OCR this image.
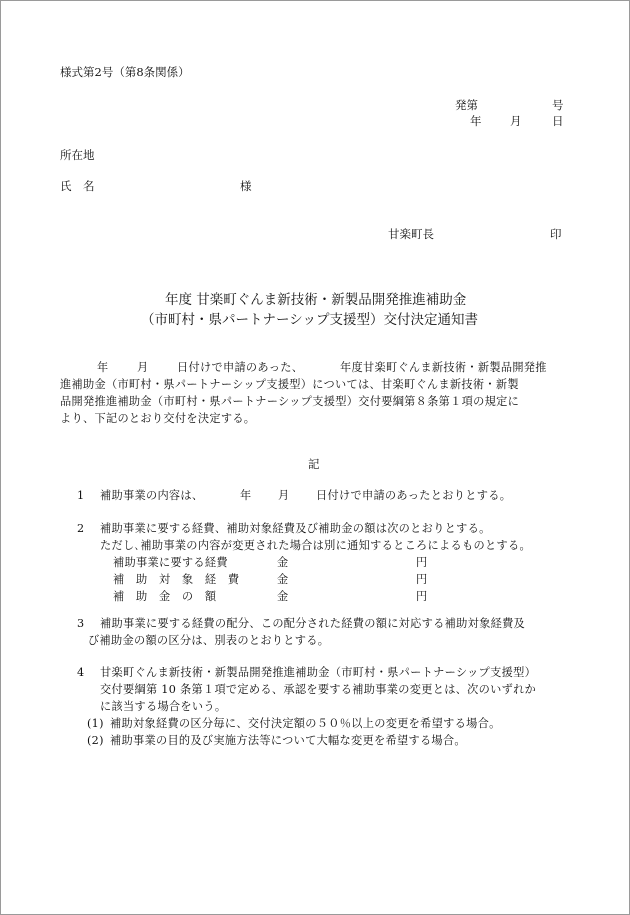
様式第2号（第8条関係）
発第	号
年 月	日
所在地
氏　名	様
甘楽町長	印
年度 甘楽町ぐんま新技術・新製品開発推進補助金
（市町村・県パートナーシップ支援型）交付決定通知書
年	月	日付けで申請のあった、	年度甘楽町ぐんま新技術・新製品開発推
進補助金（市町村・県パートナーシップ支援型）については、甘楽町ぐんま新技術・新製
品開発推進補助金（市町村・県パートナーシップ支援型）交付要綱第８条第１項の規定に
より、下記のとおり交付を決定する。
記
1 補助事業の内容は、	年 月 日付けで申請のあったとおりとする。
2 補助事業に要する経費、補助対象経費及び補助金の額は次のとおりとする。
ただし､補助事業の内容が変更された場合は別に通知するところによるものとする。
補助事業に要する経費	金	円
補　助　対　象　経　費	金	円
補　助　金　の　額	金	円
3 補助事業に要する経費の配分、この配分された経費の額に対応する補助対象経費及
び補助金の額の区分は、別表のとおりとする。
4 甘楽町ぐんま新技術・新製品開発推進補助金（市町村・県パートナーシップ支援型）
交付要綱第 10 条第１項で定める、承認を要する補助事業の変更とは、次のいずれか
に該当する場合をいう。
(1) 補助対象経費の区分毎に、交付決定額の５０％以上の変更を希望する場合。
(2) 補助事業の目的及び実施方法等について大幅な変更を希望する場合。
